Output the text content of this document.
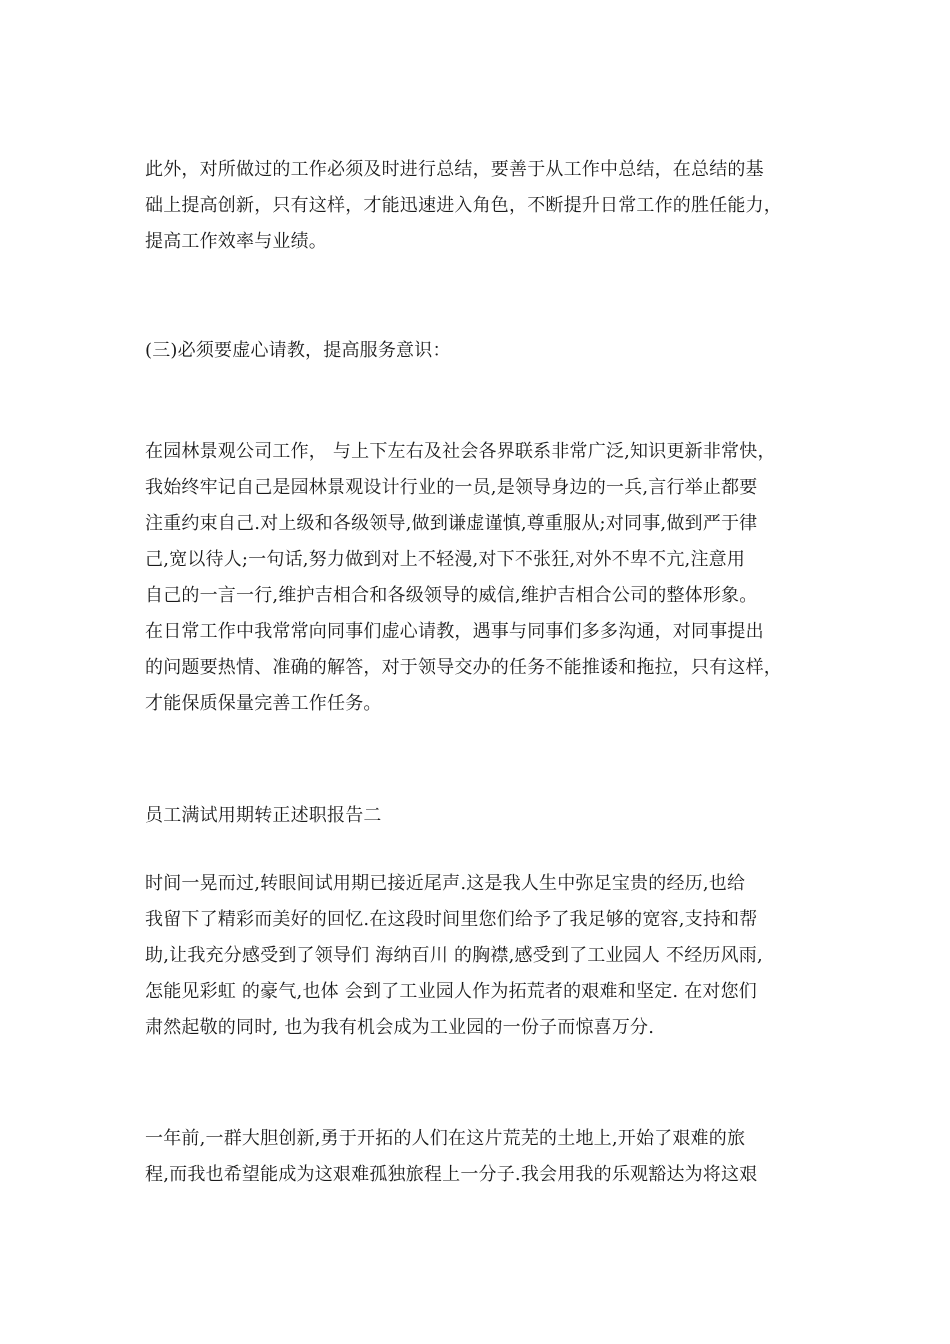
此外，对所做过的工作必须及时进行总结，要善于从工作中总结，在总结的基
础上提高创新，只有这样，才能迅速进入角色，不断提升日常工作的胜任能力，
提高工作效率与业绩。
(三)必须要虚心请教，提高服务意识：
在园林景观公司工作， 与上下左右及社会各界联系非常广泛,知识更新非常快，
我始终牢记自己是园林景观设计行业的一员,是领导身边的一兵,言行举止都要
注重约束自己.对上级和各级领导,做到谦虚谨慎,尊重服从;对同事,做到严于律
己,宽以待人;一句话,努力做到对上不轻漫,对下不张狂,对外不卑不亢,注意用
自己的一言一行,维护吉相合和各级领导的威信,维护吉相合公司的整体形象。
在日常工作中我常常向同事们虚心请教，遇事与同事们多多沟通，对同事提出
的问题要热情、准确的解答，对于领导交办的任务不能推诿和拖拉，只有这样，
才能保质保量完善工作任务。
员工满试用期转正述职报告二
时间一晃而过,转眼间试用期已接近尾声.这是我人生中弥足宝贵的经历,也给
我留下了精彩而美好的回忆.在这段时间里您们给予了我足够的宽容,支持和帮
助,让我充分感受到了领导们 海纳百川 的胸襟,感受到了工业园人 不经历风雨,
怎能见彩虹 的豪气,也体 会到了工业园人作为拓荒者的艰难和坚定. 在对您们
肃然起敬的同时, 也为我有机会成为工业园的一份子而惊喜万分.
一年前,一群大胆创新,勇于开拓的人们在这片荒芜的土地上,开始了艰难的旅
程,而我也希望能成为这艰难孤独旅程上一分子.我会用我的乐观豁达为将这艰
